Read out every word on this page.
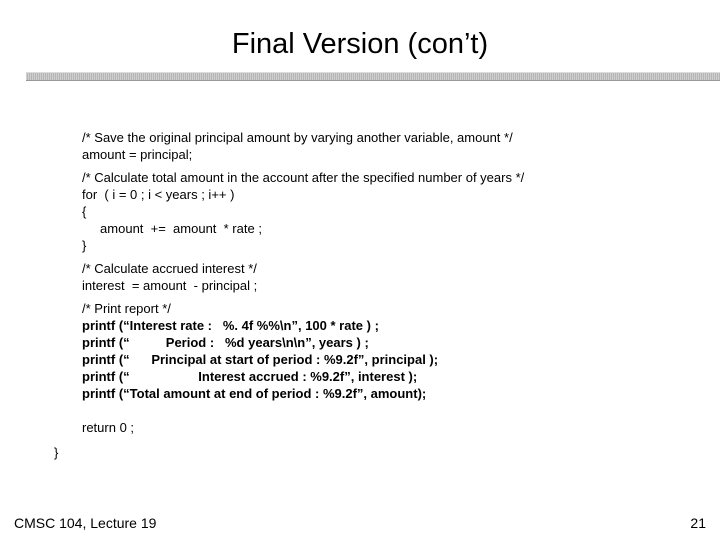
Final Version (con’t)
/* Save the original principal amount by varying another variable, amount */
amount = principal;
/* Calculate total amount in the account after the specified number of years */
for  ( i = 0 ; i < years ; i++ )
{
amount  +=  amount  * rate ;
}
/* Calculate accrued interest */
interest  = amount  - principal ;
/* Print report */
printf (“Interest rate :   %. 4f %%\n”, 100 * rate ) ;
printf (“          Period :   %d years\n\n”, years ) ;
printf (“      Principal at start of period : %9.2f”, principal );
printf (“                   Interest accrued : %9.2f”, interest );
printf (“Total amount at end of period : %9.2f”, amount);
return 0 ;
}
CMSC 104, Lecture 19	21
